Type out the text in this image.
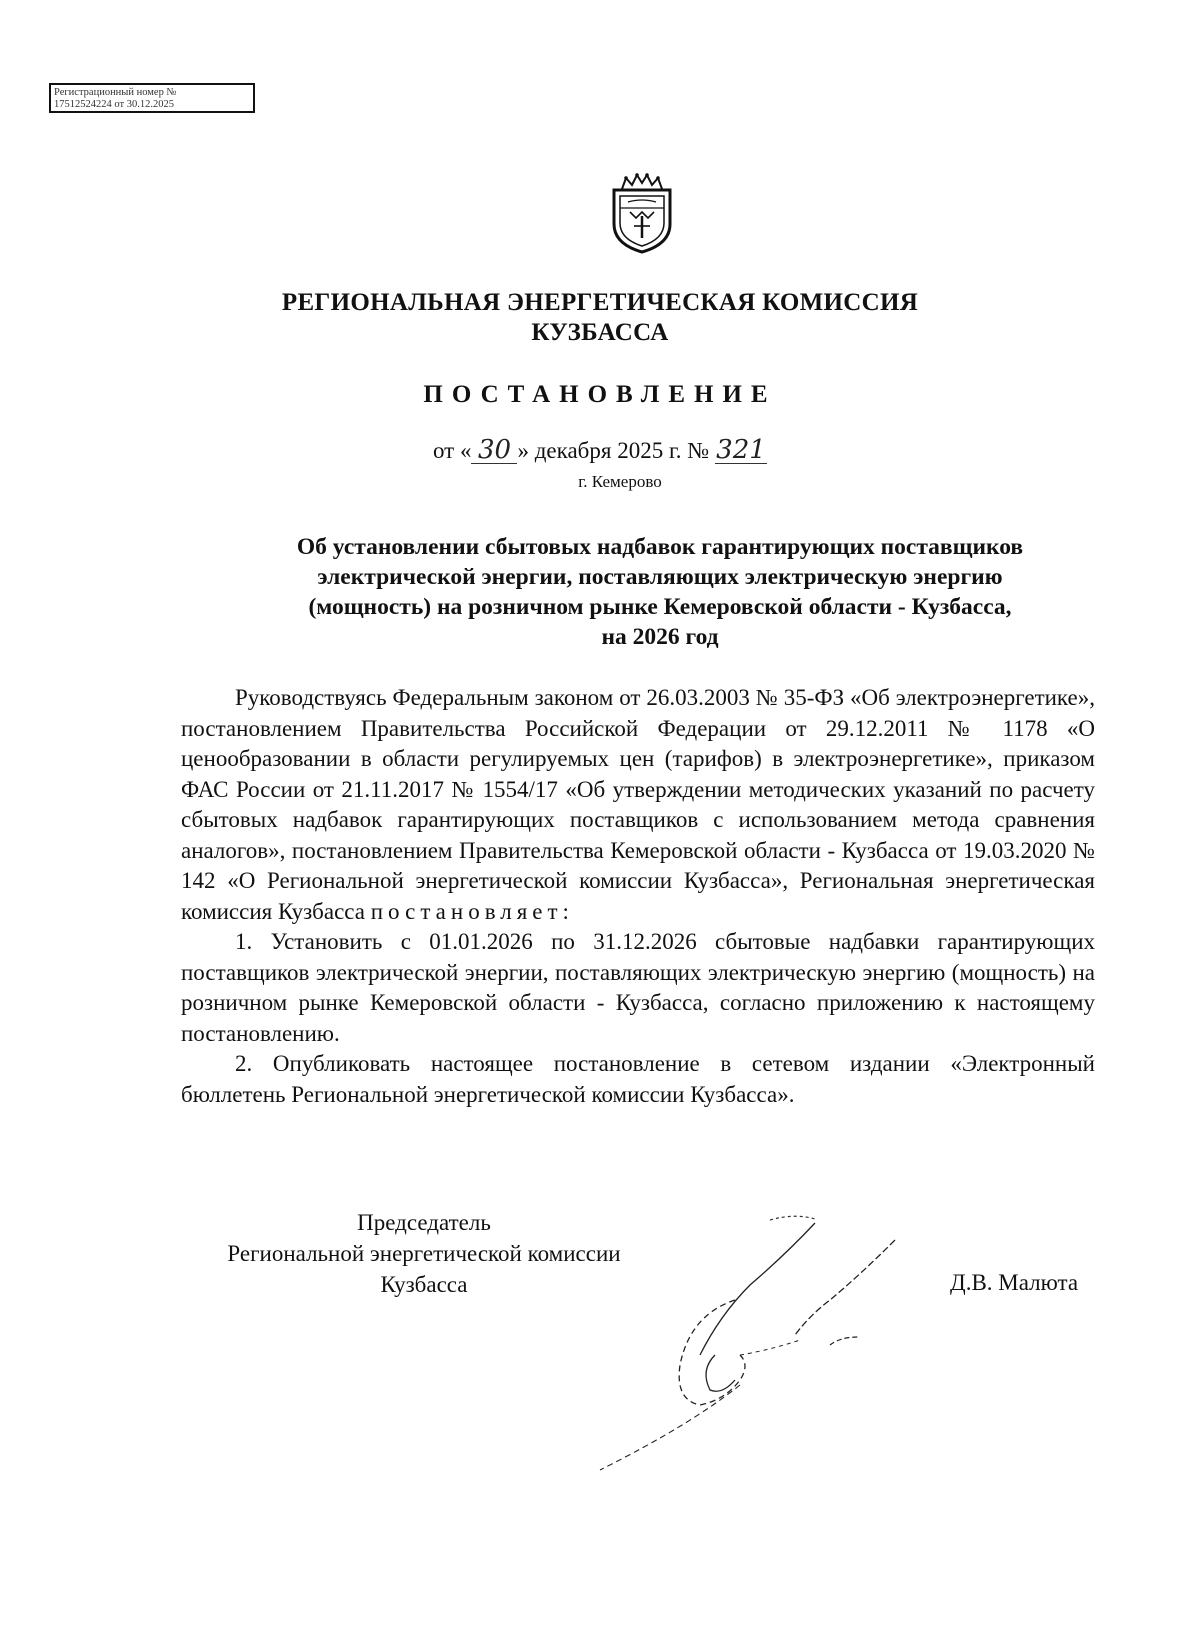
Регистрационный номер №
17512524224 от 30.12.2025
РЕГИОНАЛЬНАЯ ЭНЕРГЕТИЧЕСКАЯ КОМИССИЯ
КУЗБАССА
ПОСТАНОВЛЕНИЕ
от « 30 » декабря 2025 г. № 321
г. Кемерово
Об установлении сбытовых надбавок гарантирующих поставщиков
электрической энергии, поставляющих электрическую энергию
(мощность) на розничном рынке Кемеровской области - Кузбасса,
на 2026 год

Руководствуясь Федеральным законом от 26.03.2003 № 35-ФЗ «Об электроэнергетике», постановлением Правительства Российской Федерации от 29.12.2011 № 1178 «О ценообразовании в области регулируемых цен (тарифов) в электроэнергетике», приказом ФАС России от 21.11.2017 № 1554/17 «Об утверждении методических указаний по расчету сбытовых надбавок гарантирующих поставщиков с использованием метода сравнения аналогов», постановлением Правительства Кемеровской области - Кузбасса от 19.03.2020 № 142 «О Региональной энергетической комиссии Кузбасса», Региональная энергетическая комиссия Кузбасса постановляет:

1. Установить с 01.01.2026 по 31.12.2026 сбытовые надбавки гарантирующих поставщиков электрической энергии, поставляющих электрическую энергию (мощность) на розничном рынке Кемеровской области - Кузбасса, согласно приложению к настоящему постановлению.

2. Опубликовать настоящее постановление в сетевом издании «Электронный бюллетень Региональной энергетической комиссии Кузбасса».

Председатель
Региональной энергетической комиссии
Кузбасса	Д.В. Малюта
